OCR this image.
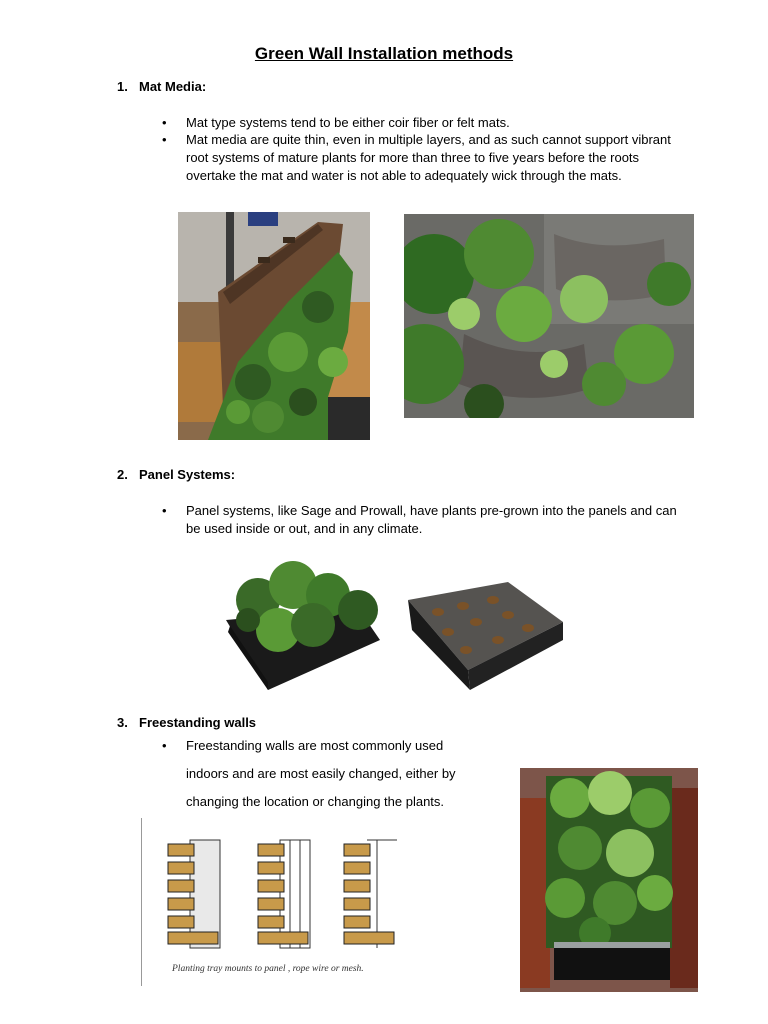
Green Wall Installation methods
1. Mat Media:
• Mat type systems tend to be either coir fiber or felt mats.
• Mat media are quite thin, even in multiple layers, and as such cannot support vibrant root systems of mature plants for more than three to five years before the roots overtake the mat and water is not able to adequately wick through the mats.
2. Panel Systems:
• Panel systems, like Sage and Prowall, have plants pre-grown into the panels and can be used inside or out, and in any climate.
3. Freestanding walls
• Freestanding walls are most commonly used indoors and are most easily changed, either by changing the location or changing the plants.
Planting tray mounts to panel , rope wire or mesh.
